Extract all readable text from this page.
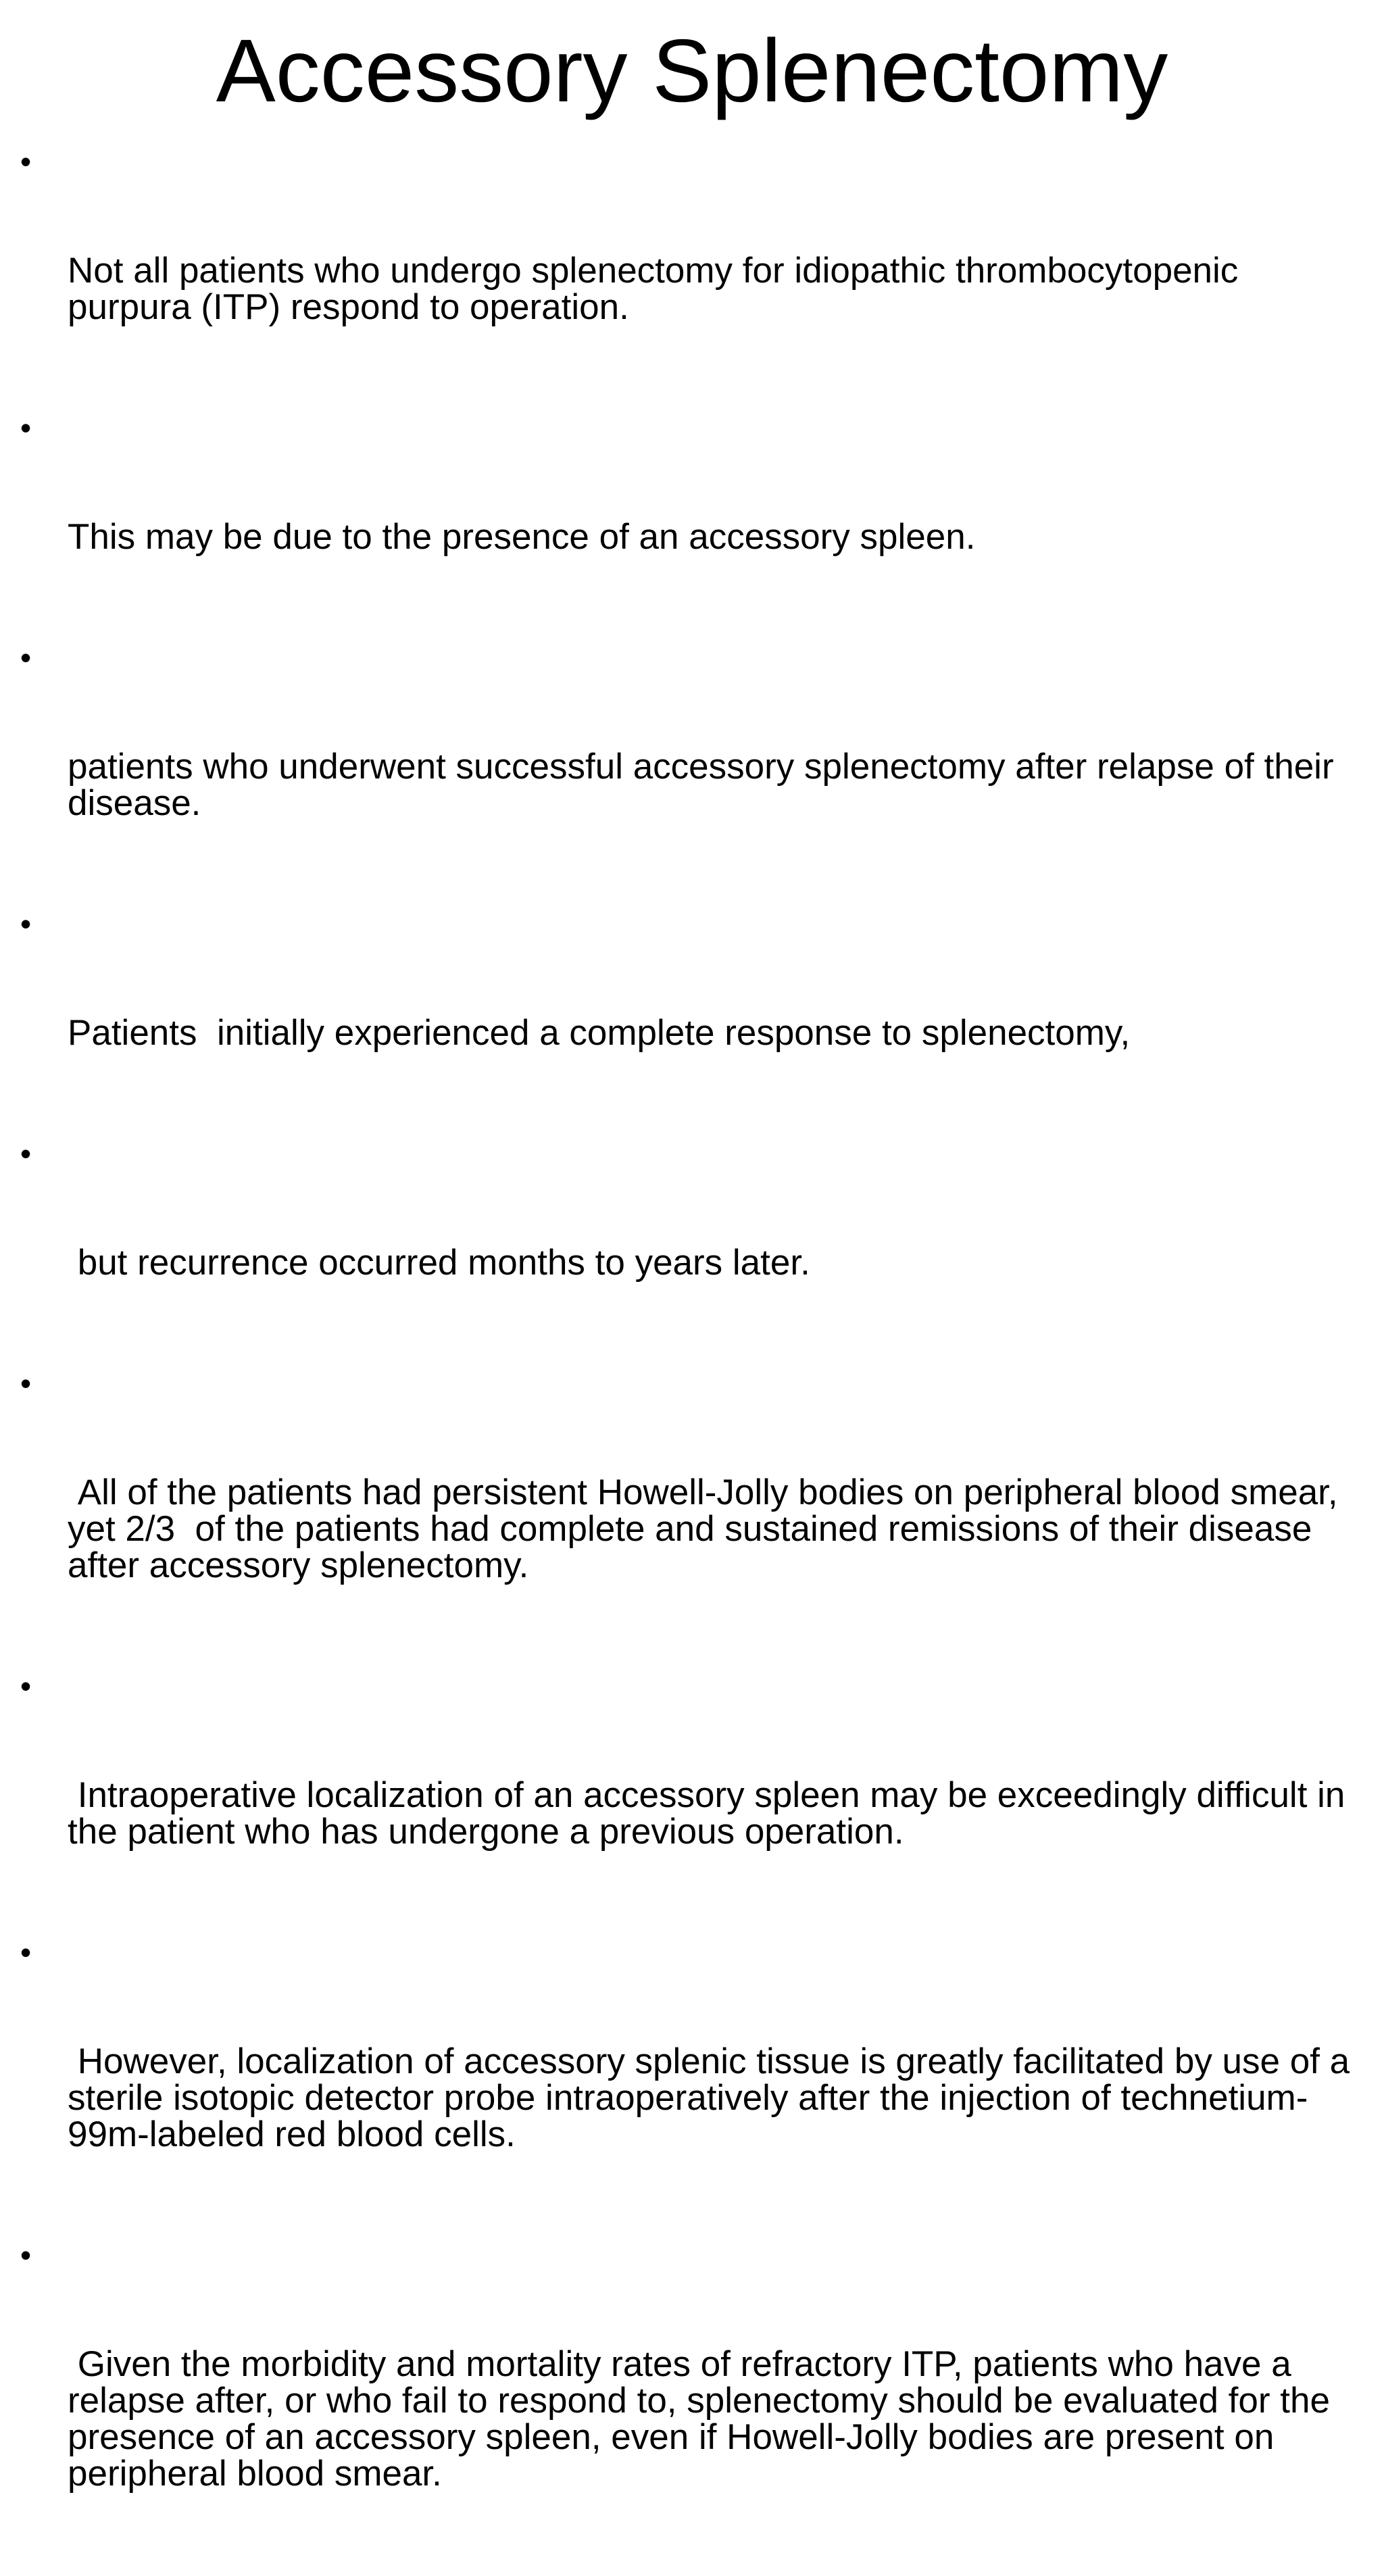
Accessory Splenectomy

•

Not all patients who undergo splenectomy for idiopathic thrombocytopenic purpura (ITP) respond to operation.

•

This may be due to the presence of an accessory spleen.

•

patients who underwent successful accessory splenectomy after relapse of their disease.

•

Patients  initially experienced a complete response to splenectomy,

•

but recurrence occurred months to years later.

•

All of the patients had persistent Howell-Jolly bodies on peripheral blood smear, yet 2/3  of the patients had complete and sustained remissions of their disease after accessory splenectomy.

•

Intraoperative localization of an accessory spleen may be exceedingly difficult in the patient who has undergone a previous operation.

•

However, localization of accessory splenic tissue is greatly facilitated by use of a sterile isotopic detector probe intraoperatively after the injection of technetium-99m-labeled red blood cells.

•

Given the morbidity and mortality rates of refractory ITP, patients who have a relapse after, or who fail to respond to, splenectomy should be evaluated for the presence of an accessory spleen, even if Howell-Jolly bodies are present on peripheral blood smear.
